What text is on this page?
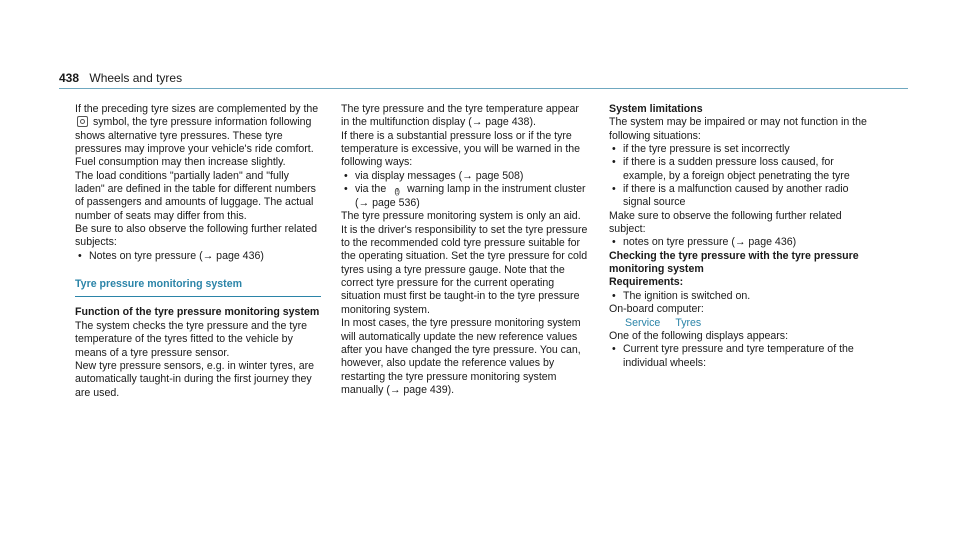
438 Wheels and tyres

If the preceding tyre sizes are complemented by the  symbol, the tyre pressure information following shows alternative tyre pressures. These tyre pressures may improve your vehicle's ride comfort. Fuel consumption may then increase slightly.

The load conditions "partially laden" and "fully laden" are defined in the table for different numbers of passengers and amounts of luggage. The actual number of seats may differ from this.

Be sure to also observe the following further related subjects:

• Notes on tyre pressure (→ page 436)

Tyre pressure monitoring system

Function of the tyre pressure monitoring system

The system checks the tyre pressure and the tyre temperature of the tyres fitted to the vehicle by means of a tyre pressure sensor.

New tyre pressure sensors, e.g. in winter tyres, are automatically taught-in during the first journey they are used.

The tyre pressure and the tyre temperature appear in the multifunction display (→ page 438).

If there is a substantial pressure loss or if the tyre temperature is excessive, you will be warned in the following ways:

• via display messages (→ page 508)
• via the (!) warning lamp in the instrument cluster (→ page 536)

The tyre pressure monitoring system is only an aid. It is the driver's responsibility to set the tyre pressure to the recommended cold tyre pressure suitable for the operating situation. Set the tyre pressure for cold tyres using a tyre pressure gauge. Note that the correct tyre pressure for the current operating situation must first be taught-in to the tyre pressure monitoring system.

In most cases, the tyre pressure monitoring system will automatically update the new reference values after you have changed the tyre pressure. You can, however, also update the reference values by restarting the tyre pressure monitoring system manually (→ page 439).

System limitations

The system may be impaired or may not function in the following situations:

• if the tyre pressure is set incorrectly
• if there is a sudden pressure loss caused, for example, by a foreign object penetrating the tyre
• if there is a malfunction caused by another radio signal source

Make sure to observe the following further related subject:

• notes on tyre pressure (→ page 436)

Checking the tyre pressure with the tyre pressure monitoring system

Requirements:

• The ignition is switched on.

On-board computer:

Service Tyres

One of the following displays appears:

• Current tyre pressure and tyre temperature of the individual wheels:
